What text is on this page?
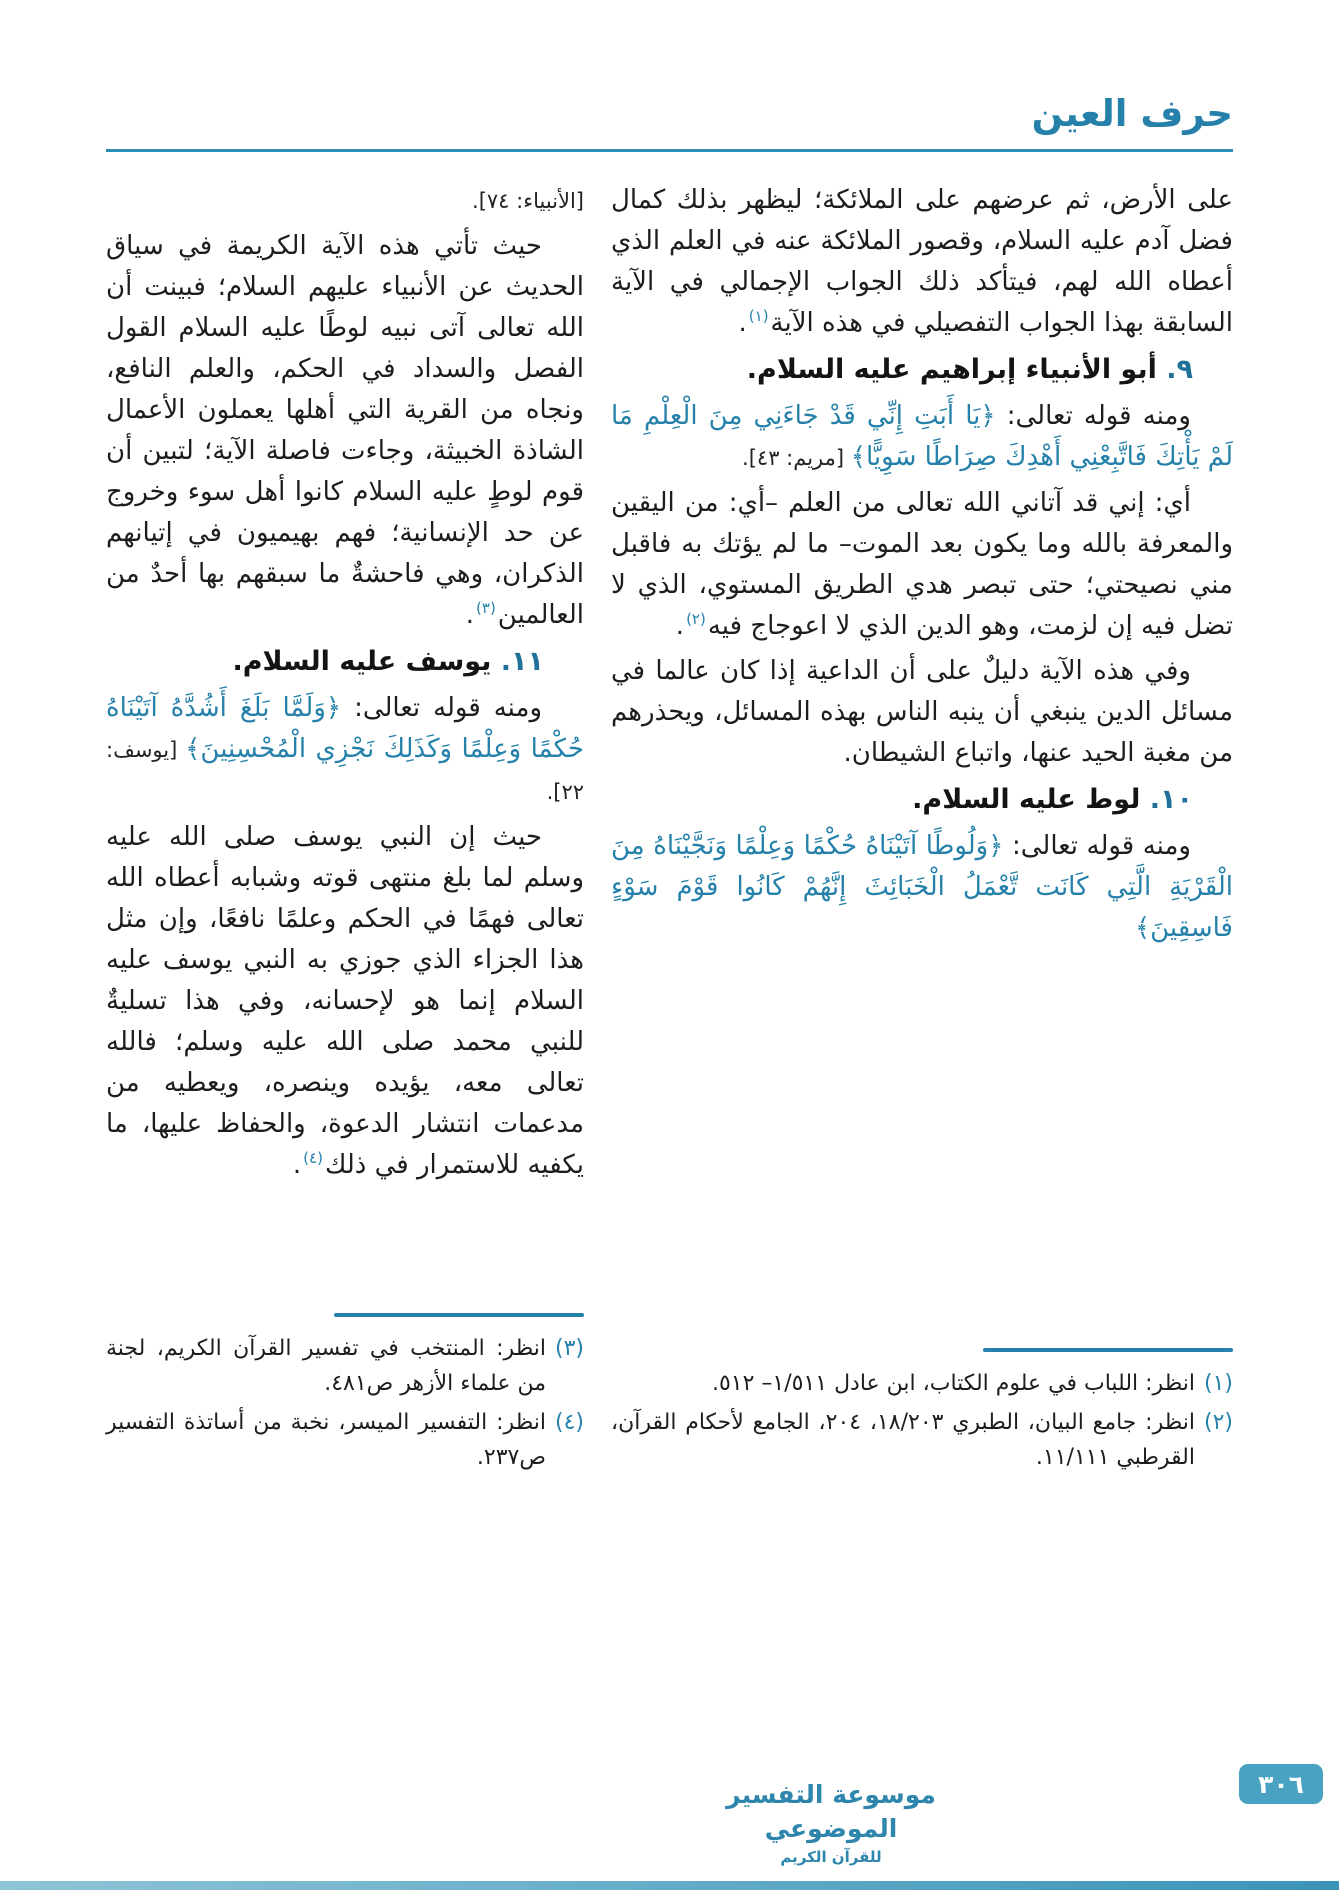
حرف العين

على الأرض، ثم عرضهم على الملائكة؛ ليظهر بذلك كمال فضل آدم عليه السلام، وقصور الملائكة عنه في العلم الذي أعطاه الله لهم، فيتأكد ذلك الجواب الإجمالي في الآية السابقة بهذا الجواب التفصيلي في هذه الآية$^{(١)}$.

٩. أبو الأنبياء إبراهيم عليه السلام.

ومنه قوله تعالى: ﴿يَا أَبَتِ إِنِّي قَدْ جَاءَنِي مِنَ الْعِلْمِ مَا لَمْ يَأْتِكَ فَاتَّبِعْنِي أَهْدِكَ صِرَاطًا سَوِيًّا﴾ [مريم: ٤٣].

أي: إني قد آتاني الله تعالى من العلم –أي: من اليقين والمعرفة بالله وما يكون بعد الموت– ما لم يؤتك به فاقبل مني نصيحتي؛ حتى تبصر هدي الطريق المستوي، الذي لا تضل فيه إن لزمت، وهو الدين الذي لا اعوجاج فيه$^{(٢)}$.

وفي هذه الآية دليلٌ على أن الداعية إذا كان عالما في مسائل الدين ينبغي أن ينبه الناس بهذه المسائل، ويحذرهم من مغبة الحيد عنها، واتباع الشيطان.

١٠. لوط عليه السلام.

ومنه قوله تعالى: ﴿وَلُوطًا آتَيْنَاهُ حُكْمًا وَعِلْمًا وَنَجَّيْنَاهُ مِنَ الْقَرْيَةِ الَّتِي كَانَت تَّعْمَلُ الْخَبَائِثَ إِنَّهُمْ كَانُوا قَوْمَ سَوْءٍ فَاسِقِينَ﴾

(١)
انظر: اللباب في علوم الكتاب، ابن عادل ١/٥١١– ٥١٢.
(٢)
انظر: جامع البيان، الطبري ١٨/٢٠٣، ٢٠٤، الجامع لأحكام القرآن، القرطبي ١١/١١١.

[الأنبياء: ٧٤].

حيث تأتي هذه الآية الكريمة في سياق الحديث عن الأنبياء عليهم السلام؛ فبينت أن الله تعالى آتى نبيه لوطًا عليه السلام القول الفصل والسداد في الحكم، والعلم النافع، ونجاه من القرية التي أهلها يعملون الأعمال الشاذة الخبيثة، وجاءت فاصلة الآية؛ لتبين أن قوم لوطٍ عليه السلام كانوا أهل سوء وخروج عن حد الإنسانية؛ فهم بهيميون في إتيانهم الذكران، وهي فاحشةٌ ما سبقهم بها أحدٌ من العالمين$^{(٣)}$.

١١. يوسف عليه السلام.

ومنه قوله تعالى: ﴿وَلَمَّا بَلَغَ أَشُدَّهُ آتَيْنَاهُ حُكْمًا وَعِلْمًا وَكَذَلِكَ نَجْزِي الْمُحْسِنِينَ﴾ [يوسف: ٢٢].

حيث إن النبي يوسف صلى الله عليه وسلم لما بلغ منتهى قوته وشبابه أعطاه الله تعالى فهمًا في الحكم وعلمًا نافعًا، وإن مثل هذا الجزاء الذي جوزي به النبي يوسف عليه السلام إنما هو لإحسانه، وفي هذا تسليةٌ للنبي محمد صلى الله عليه وسلم؛ فالله تعالى معه، يؤيده وينصره، ويعطيه من مدعمات انتشار الدعوة، والحفاظ عليها، ما يكفيه للاستمرار في ذلك$^{(٤)}$.

(٣)
انظر: المنتخب في تفسير القرآن الكريم، لجنة من علماء الأزهر ص٤٨١.
(٤)
انظر: التفسير الميسر، نخبة من أساتذة التفسير ص٢٣٧.
موسوعة التفسير الموضوعي
للقرآن الكريم
٣٠٦
